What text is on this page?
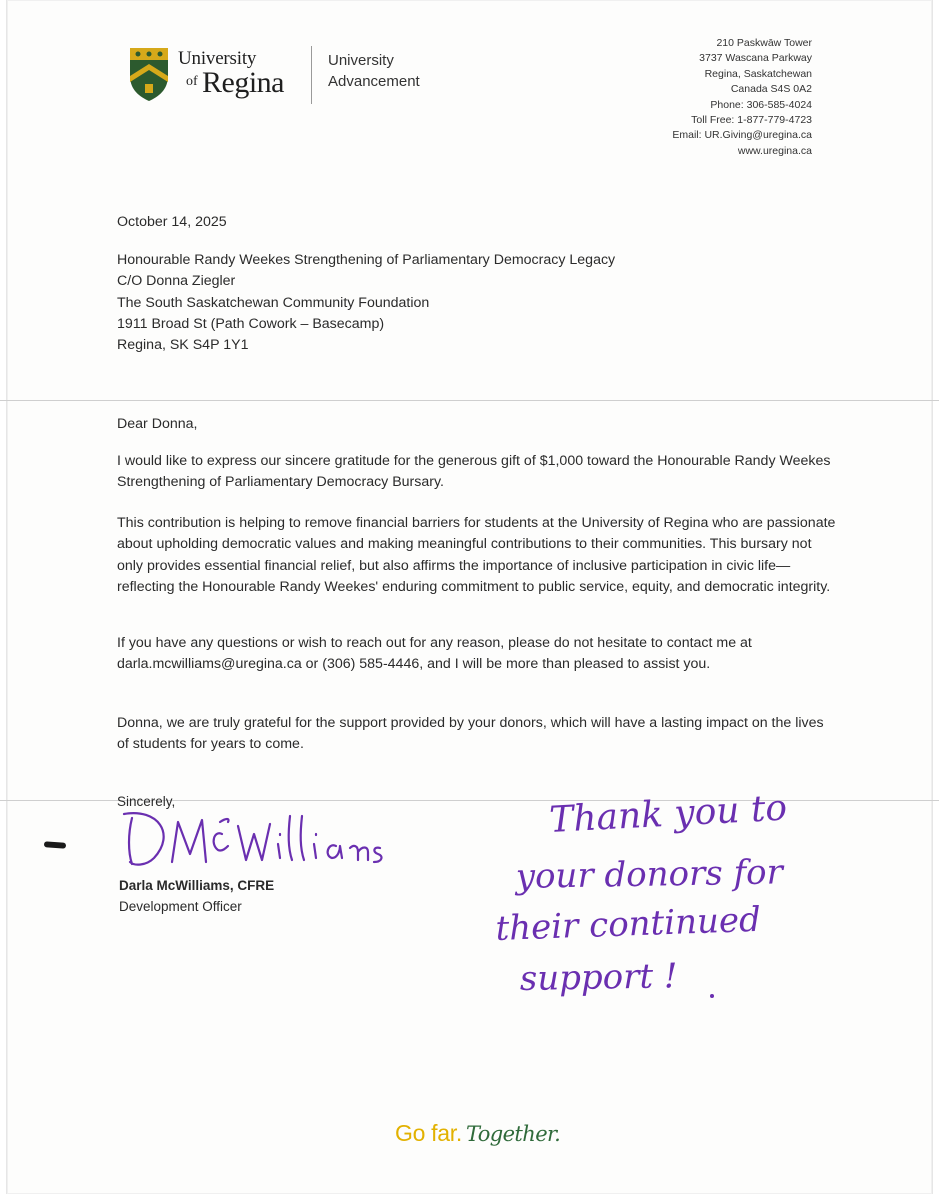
University
of Regina
University
Advancement
210 Paskwāw Tower
3737 Wascana Parkway
Regina, Saskatchewan
Canada S4S 0A2
Phone: 306-585-4024
Toll Free: 1-877-779-4723
Email: UR.Giving@uregina.ca
www.uregina.ca
October 14, 2025
Honourable Randy Weekes Strengthening of Parliamentary Democracy Legacy
C/O Donna Ziegler
The South Saskatchewan Community Foundation
1911 Broad St (Path Cowork – Basecamp)
Regina, SK S4P 1Y1
Dear Donna,
I would like to express our sincere gratitude for the generous gift of $1,000 toward the Honourable Randy Weekes Strengthening of Parliamentary Democracy Bursary.
This contribution is helping to remove financial barriers for students at the University of Regina who are passionate about upholding democratic values and making meaningful contributions to their communities. This bursary not only provides essential financial relief, but also affirms the importance of inclusive participation in civic life—reflecting the Honourable Randy Weekes' enduring commitment to public service, equity, and democratic integrity.
If you have any questions or wish to reach out for any reason, please do not hesitate to contact me at darla.mcwilliams@uregina.ca or (306) 585-4446, and I will be more than pleased to assist you.
Donna, we are truly grateful for the support provided by your donors, which will have a lasting impact on the lives of students for years to come.
Sincerely,
Darla McWilliams, CFRE
Development Officer
Thank you to
your donors for
their continued
support !
Go far. Together.
